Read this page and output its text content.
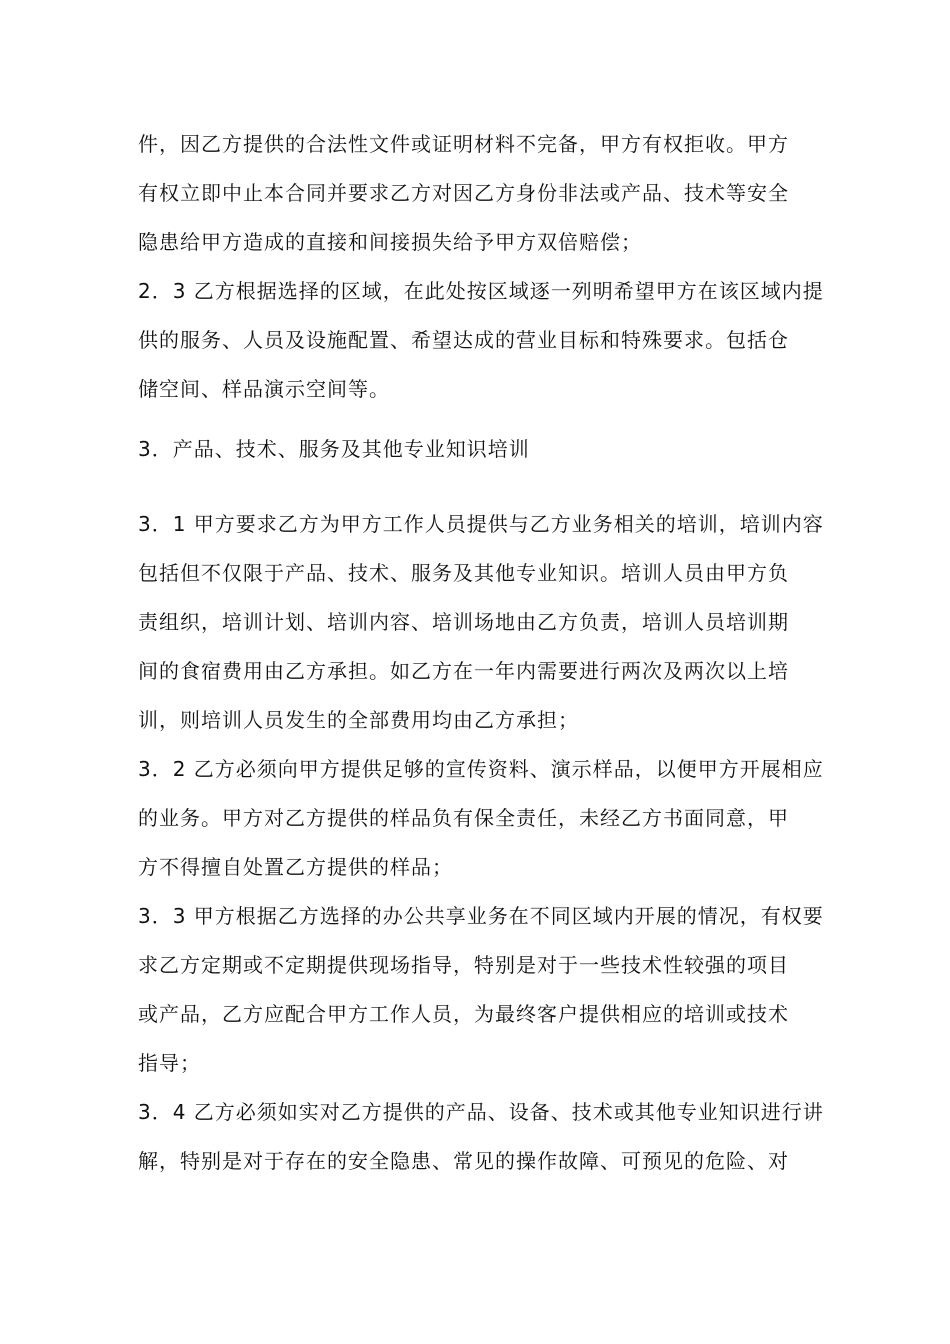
件，因乙方提供的合法性文件或证明材料不完备，甲方有权拒收。甲方
有权立即中止本合同并要求乙方对因乙方身份非法或产品、技术等安全
隐患给甲方造成的直接和间接损失给予甲方双倍赔偿；
2．3 乙方根据选择的区域，在此处按区域逐一列明希望甲方在该区域内提
供的服务、人员及设施配置、希望达成的营业目标和特殊要求。包括仓
储空间、样品演示空间等。
3．产品、技术、服务及其他专业知识培训
3．1 甲方要求乙方为甲方工作人员提供与乙方业务相关的培训，培训内容
包括但不仅限于产品、技术、服务及其他专业知识。培训人员由甲方负
责组织，培训计划、培训内容、培训场地由乙方负责，培训人员培训期
间的食宿费用由乙方承担。如乙方在一年内需要进行两次及两次以上培
训，则培训人员发生的全部费用均由乙方承担；
3．2 乙方必须向甲方提供足够的宣传资料、演示样品，以便甲方开展相应
的业务。甲方对乙方提供的样品负有保全责任，未经乙方书面同意，甲
方不得擅自处置乙方提供的样品；
3．3 甲方根据乙方选择的办公共享业务在不同区域内开展的情况，有权要
求乙方定期或不定期提供现场指导，特别是对于一些技术性较强的项目
或产品，乙方应配合甲方工作人员，为最终客户提供相应的培训或技术
指导；
3．4 乙方必须如实对乙方提供的产品、设备、技术或其他专业知识进行讲
解，特别是对于存在的安全隐患、常见的操作故障、可预见的危险、对
